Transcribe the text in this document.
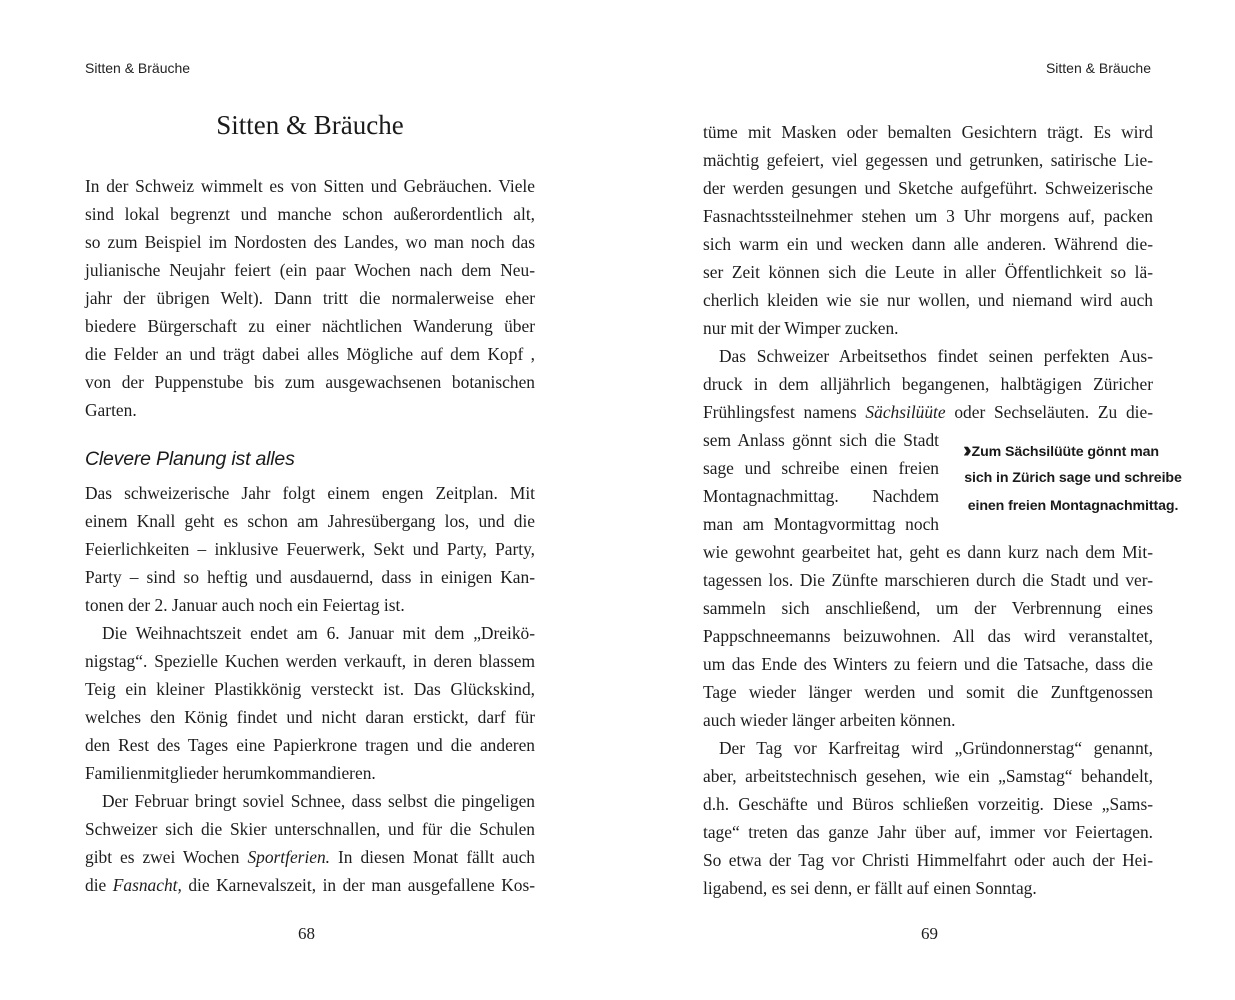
Sitten & Bräuche
Sitten & Bräuche
In der Schweiz wimmelt es von Sitten und Gebräuchen. Viele
sind lokal begrenzt und manche schon außerordentlich alt,
so zum Beispiel im Nordosten des Landes, wo man noch das
julianische Neujahr feiert (ein paar Wochen nach dem Neu-
jahr der übrigen Welt). Dann tritt die normalerweise eher
biedere Bürgerschaft zu einer nächtlichen Wanderung über
die Felder an und trägt dabei alles Mögliche auf dem Kopf ,
von der Puppenstube bis zum ausgewachsenen botanischen
Garten.
Clevere Planung ist alles
Das schweizerische Jahr folgt einem engen Zeitplan. Mit
einem Knall geht es schon am Jahresübergang los, und die
Feierlichkeiten – inklusive Feuerwerk, Sekt und Party, Party,
Party – sind so heftig und ausdauernd, dass in einigen Kan-
tonen der 2. Januar auch noch ein Feiertag ist.
Die Weihnachtszeit endet am 6. Januar mit dem „Dreikö-
nigstag“. Spezielle Kuchen werden verkauft, in deren blassem
Teig ein kleiner Plastikkönig versteckt ist. Das Glückskind,
welches den König findet und nicht daran erstickt, darf für
den Rest des Tages eine Papierkrone tragen und die anderen
Familienmitglieder herumkommandieren.
Der Februar bringt soviel Schnee, dass selbst die pingeligen
Schweizer sich die Skier unterschnallen, und für die Schulen
gibt es zwei Wochen Sportferien. In diesen Monat fällt auch
die Fasnacht, die Karnevalszeit, in der man ausgefallene Kos-
68
Sitten & Bräuche
tüme mit Masken oder bemalten Gesichtern trägt. Es wird
mächtig gefeiert, viel gegessen und getrunken, satirische Lie-
der werden gesungen und Sketche aufgeführt. Schweizerische
Fasnachtssteilnehmer stehen um 3 Uhr morgens auf, packen
sich warm ein und wecken dann alle anderen. Während die-
ser Zeit können sich die Leute in aller Öffentlichkeit so lä-
cherlich kleiden wie sie nur wollen, und niemand wird auch
nur mit der Wimper zucken.
Das Schweizer Arbeitsethos findet seinen perfekten Aus-
druck in dem alljährlich begangenen, halbtägigen Züricher
Frühlingsfest namens Sächsilüüte oder Sechseläuten. Zu die-
sem Anlass gönnt sich die Stadt
sage und schreibe einen freien
Montagnachmittag. Nachdem
man am Montagvormittag noch
›› Zum Sächsilüüte gönnt man
sich in Zürich sage und schreibe
einen freien Montagnachmittag.
wie gewohnt gearbeitet hat, geht es dann kurz nach dem Mit-
tagessen los. Die Zünfte marschieren durch die Stadt und ver-
sammeln sich anschließend, um der Verbrennung eines
Pappschneemanns beizuwohnen. All das wird veranstaltet,
um das Ende des Winters zu feiern und die Tatsache, dass die
Tage wieder länger werden und somit die Zunftgenossen
auch wieder länger arbeiten können.
Der Tag vor Karfreitag wird „Gründonnerstag“ genannt,
aber, arbeitstechnisch gesehen, wie ein „Samstag“ behandelt,
d.h. Geschäfte und Büros schließen vorzeitig. Diese „Sams-
tage“ treten das ganze Jahr über auf, immer vor Feiertagen.
So etwa der Tag vor Christi Himmelfahrt oder auch der Hei-
ligabend, es sei denn, er fällt auf einen Sonntag.
69
